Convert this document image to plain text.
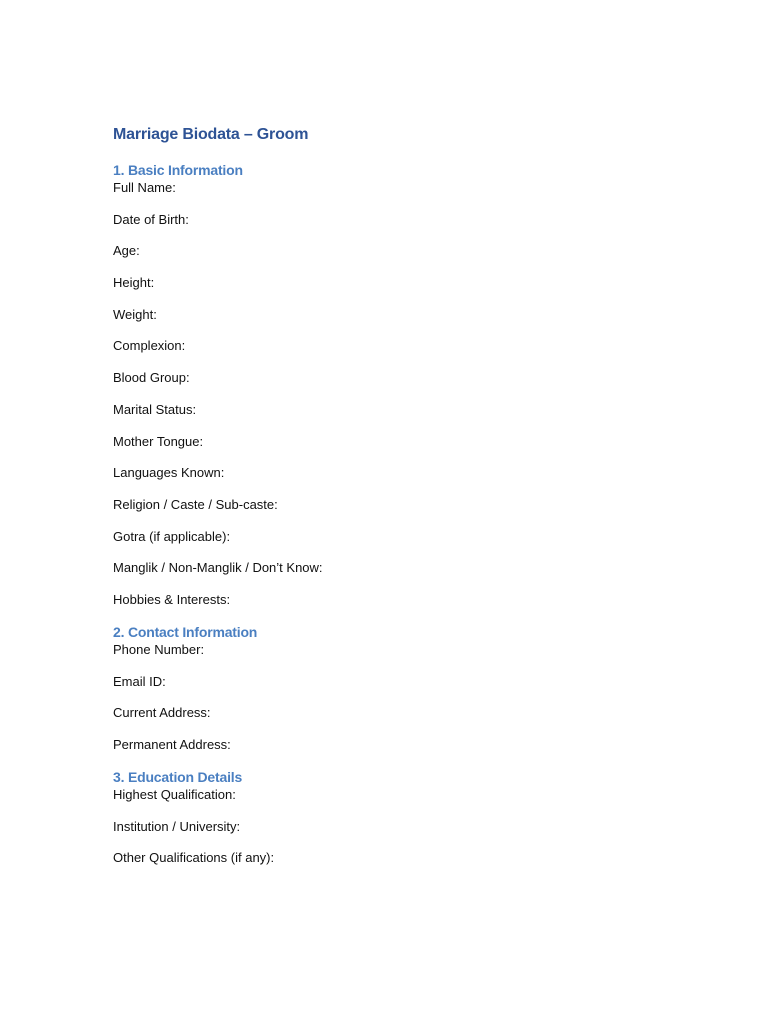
Marriage Biodata – Groom
1. Basic Information
Full Name:
Date of Birth:
Age:
Height:
Weight:
Complexion:
Blood Group:
Marital Status:
Mother Tongue:
Languages Known:
Religion / Caste / Sub-caste:
Gotra (if applicable):
Manglik / Non-Manglik / Don’t Know:
Hobbies & Interests:
2. Contact Information
Phone Number:
Email ID:
Current Address:
Permanent Address:
3. Education Details
Highest Qualification:
Institution / University:
Other Qualifications (if any):
